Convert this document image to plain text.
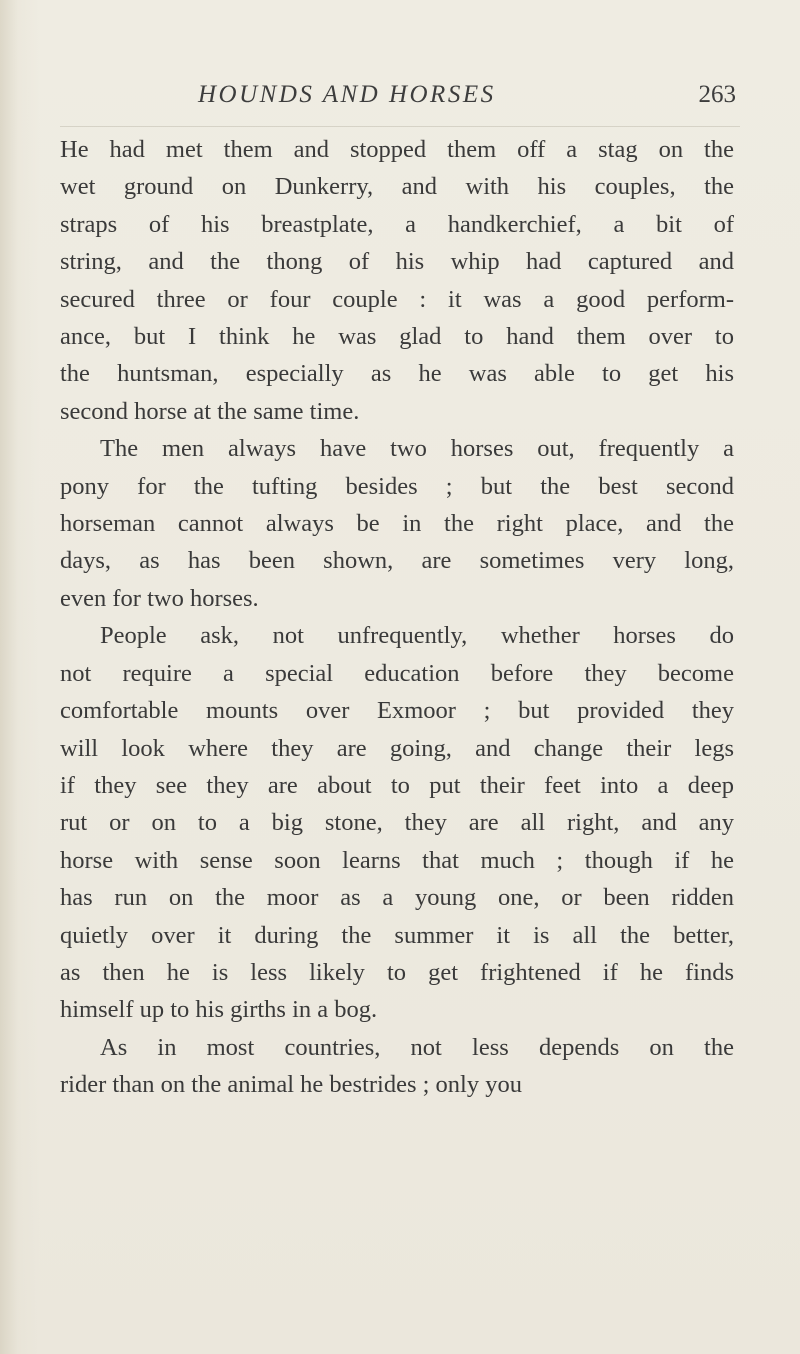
HOUNDS AND HORSES	263

He had met them and stopped them off a stag on the
wet ground on Dunkerry, and with his couples, the
straps of his breastplate, a handkerchief, a bit of
string, and the thong of his whip had captured and
secured three or four couple : it was a good perform-
ance, but I think he was glad to hand them over to
the huntsman, especially as he was able to get his
second horse at the same time.

The men always have two horses out, frequently a
pony for the tufting besides ; but the best second
horseman cannot always be in the right place, and the
days, as has been shown, are sometimes very long,
even for two horses.

People ask, not unfrequently, whether horses do
not require a special education before they become
comfortable mounts over Exmoor ; but provided they
will look where they are going, and change their legs
if they see they are about to put their feet into a deep
rut or on to a big stone, they are all right, and any
horse with sense soon learns that much ; though if he
has run on the moor as a young one, or been ridden
quietly over it during the summer it is all the better,
as then he is less likely to get frightened if he finds
himself up to his girths in a bog.

As in most countries, not less depends on the
rider than on the animal he bestrides ; only you
